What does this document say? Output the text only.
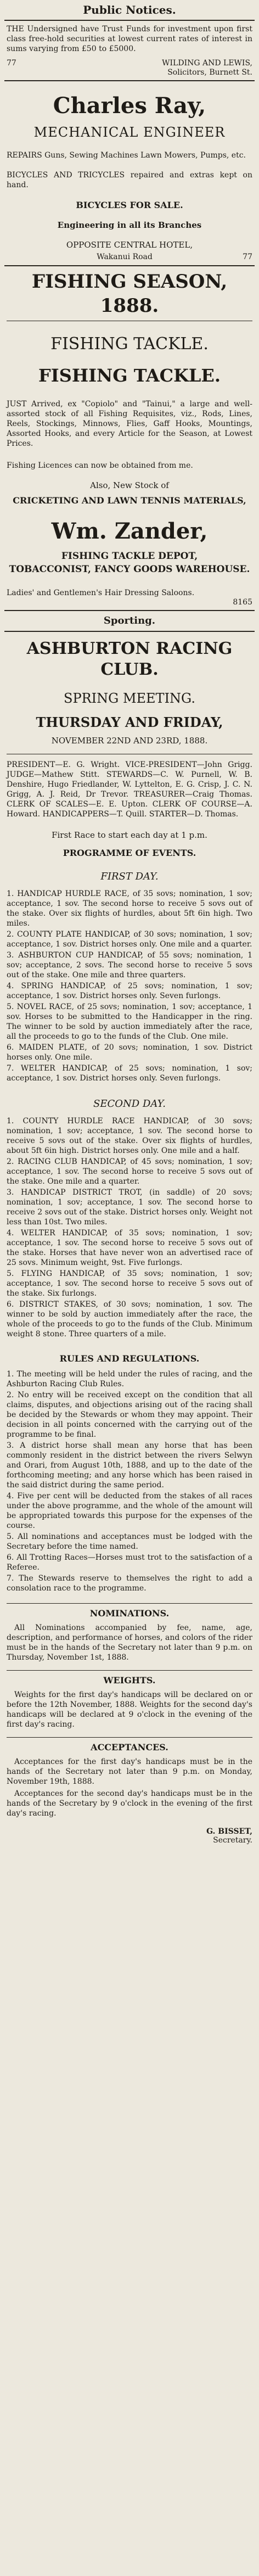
Public Notices.

THE Undersigned have Trust Funds for investment upon first class free-hold securities at lowest current rates of interest in sums varying from £50 to £5000.

77	WILDING AND LEWIS,
Solicitors, Burnett St.
Charles Ray,
MECHANICAL ENGINEER

REPAIRS Guns, Sewing Machines Lawn Mowers, Pumps, etc.

BICYCLES AND TRICYCLES repaired and extras kept on hand.

BICYCLES FOR SALE.
Engineering in all its Branches
OPPOSITE CENTRAL HOTEL,
Wakanui Road	77
FISHING SEASON, 1888.
FISHING TACKLE.
FISHING TACKLE.

JUST Arrived, ex "Copiolo" and "Tainui," a large and well-assorted stock of all Fishing Requisites, viz., Rods, Lines, Reels, Stockings, Minnows, Flies, Gaff Hooks, Mountings, Assorted Hooks, and every Article for the Season, at Lowest Prices.

Fishing Licences can now be obtained from me.

Also, New Stock of
CRICKETING AND LAWN TENNIS MATERIALS,
Wm. Zander,
FISHING TACKLE DEPOT,
TOBACCONIST, FANCY GOODS WAREHOUSE.

Ladies' and Gentlemen's Hair Dressing Saloons.

8165
Sporting.
ASHBURTON RACING CLUB.
SPRING MEETING.
THURSDAY AND FRIDAY,
NOVEMBER 22ND AND 23RD, 1888.

PRESIDENT—E. G. Wright. VICE-PRESIDENT—John Grigg. JUDGE—Mathew Stitt. STEWARDS—C. W. Purnell, W. B. Denshire, Hugo Friedlander, W. Lyttelton, E. G. Crisp, J. C. N. Grigg, A. J. Reid, Dr Trevor. TREASURER—Craig Thomas. CLERK OF SCALES—E. E. Upton. CLERK OF COURSE—A. Howard. HANDICAPPERS—T. Quill. STARTER—D. Thomas.

First Race to start each day at 1 p.m.
PROGRAMME OF EVENTS.
FIRST DAY.

1. HANDICAP HURDLE RACE, of 35 sovs; nomination, 1 sov; acceptance, 1 sov. The second horse to receive 5 sovs out of the stake. Over six flights of hurdles, about 5ft 6in high. Two miles.

2. COUNTY PLATE HANDICAP, of 30 sovs; nomination, 1 sov; acceptance, 1 sov. District horses only. One mile and a quarter.

3. ASHBURTON CUP HANDICAP, of 55 sovs; nomination, 1 sov; acceptance, 2 sovs. The second horse to receive 5 sovs out of the stake. One mile and three quarters.

4. SPRING HANDICAP, of 25 sovs; nomination, 1 sov; acceptance, 1 sov. District horses only. Seven furlongs.

5. NOVEL RACE, of 25 sovs; nomination, 1 sov; acceptance, 1 sov. Horses to be submitted to the Handicapper in the ring. The winner to be sold by auction immediately after the race, all the proceeds to go to the funds of the Club. One mile.

6. MAIDEN PLATE, of 20 sovs; nomination, 1 sov. District horses only. One mile.

7. WELTER HANDICAP, of 25 sovs; nomination, 1 sov; acceptance, 1 sov. District horses only. Seven furlongs.

SECOND DAY.

1. COUNTY HURDLE RACE HANDICAP, of 30 sovs; nomination, 1 sov; acceptance, 1 sov. The second horse to receive 5 sovs out of the stake. Over six flights of hurdles, about 5ft 6in high. District horses only. One mile and a half.

2. RACING CLUB HANDICAP, of 45 sovs; nomination, 1 sov; acceptance, 1 sov. The second horse to receive 5 sovs out of the stake. One mile and a quarter.

3. HANDICAP DISTRICT TROT, (in saddle) of 20 sovs; nomination, 1 sov; acceptance, 1 sov. The second horse to receive 2 sovs out of the stake. District horses only. Weight not less than 10st. Two miles.

4. WELTER HANDICAP, of 35 sovs; nomination, 1 sov; acceptance, 1 sov. The second horse to receive 5 sovs out of the stake. Horses that have never won an advertised race of 25 sovs. Minimum weight, 9st. Five furlongs.

5. FLYING HANDICAP, of 35 sovs; nomination, 1 sov; acceptance, 1 sov. The second horse to receive 5 sovs out of the stake. Six furlongs.

6. DISTRICT STAKES, of 30 sovs; nomination, 1 sov. The winner to be sold by auction immediately after the race, the whole of the proceeds to go to the funds of the Club. Minimum weight 8 stone. Three quarters of a mile.

RULES AND REGULATIONS.

1. The meeting will be held under the rules of racing, and the Ashburton Racing Club Rules.

2. No entry will be received except on the condition that all claims, disputes, and objections arising out of the racing shall be decided by the Stewards or whom they may appoint. Their decision in all points concerned with the carrying out of the programme to be final.

3. A district horse shall mean any horse that has been commonly resident in the district between the rivers Selwyn and Orari, from August 10th, 1888, and up to the date of the forthcoming meeting; and any horse which has been raised in the said district during the same period.

4. Five per cent will be deducted from the stakes of all races under the above programme, and the whole of the amount will be appropriated towards this purpose for the expenses of the course.

5. All nominations and acceptances must be lodged with the Secretary before the time named.

6. All Trotting Races—Horses must trot to the satisfaction of a Referee.

7. The Stewards reserve to themselves the right to add a consolation race to the programme.

NOMINATIONS.

All Nominations accompanied by fee, name, age, description, and performance of horses, and colors of the rider must be in the hands of the Secretary not later than 9 p.m. on Thursday, November 1st, 1888.

WEIGHTS.

Weights for the first day's handicaps will be declared on or before the 12th November, 1888. Weights for the second day's handicaps will be declared at 9 o'clock in the evening of the first day's racing.

ACCEPTANCES.

Acceptances for the first day's handicaps must be in the hands of the Secretary not later than 9 p.m. on Monday, November 19th, 1888.

Acceptances for the second day's handicaps must be in the hands of the Secretary by 9 o'clock in the evening of the first day's racing.

G. BISSET,
Secretary.
